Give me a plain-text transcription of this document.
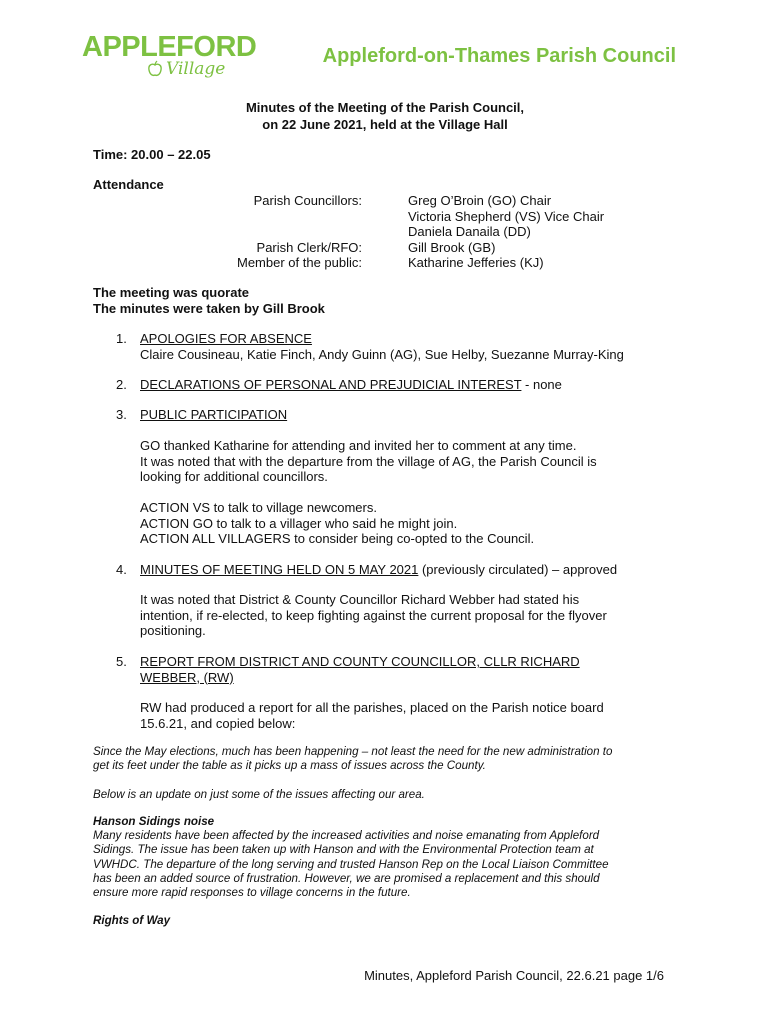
APPLEFORD
Village
Appleford-on-Thames Parish Council
Minutes of the Meeting of the Parish Council,
on 22 June 2021, held at the Village Hall
Time: 20.00 – 22.05
Attendance
Parish Councillors:	Greg O’Broin (GO) Chair
Victoria Shepherd (VS) Vice Chair
Daniela Danaila (DD)
Parish Clerk/RFO:	Gill Brook (GB)
Member of the public:	Katharine Jefferies (KJ)
The meeting was quorate
The minutes were taken by Gill Brook
1. APOLOGIES FOR ABSENCE
Claire Cousineau, Katie Finch, Andy Guinn (AG), Sue Helby, Suezanne Murray-King
2. DECLARATIONS OF PERSONAL AND PREJUDICIAL INTEREST - none
3. PUBLIC PARTICIPATION
GO thanked Katharine for attending and invited her to comment at any time.
It was noted that with the departure from the village of AG, the Parish Council is
looking for additional councillors.
ACTION VS to talk to village newcomers.
ACTION GO to talk to a villager who said he might join.
ACTION ALL VILLAGERS to consider being co-opted to the Council.
4. MINUTES OF MEETING HELD ON 5 MAY 2021 (previously circulated) – approved
It was noted that District & County Councillor Richard Webber had stated his
intention, if re-elected, to keep fighting against the current proposal for the flyover
positioning.
5. REPORT FROM DISTRICT AND COUNTY COUNCILLOR, CLLR RICHARD
WEBBER, (RW)
RW had produced a report for all the parishes, placed on the Parish notice board
15.6.21, and copied below:
Since the May elections, much has been happening – not least the need for the new administration to
get its feet under the table as it picks up a mass of issues across the County.
Below is an update on just some of the issues affecting our area.
Hanson Sidings noise
Many residents have been affected by the increased activities and noise emanating from Appleford
Sidings. The issue has been taken up with Hanson and with the Environmental Protection team at
VWHDC. The departure of the long serving and trusted Hanson Rep on the Local Liaison Committee
has been an added source of frustration. However, we are promised a replacement and this should
ensure more rapid responses to village concerns in the future.
Rights of Way
Minutes, Appleford Parish Council, 22.6.21 page 1/6
